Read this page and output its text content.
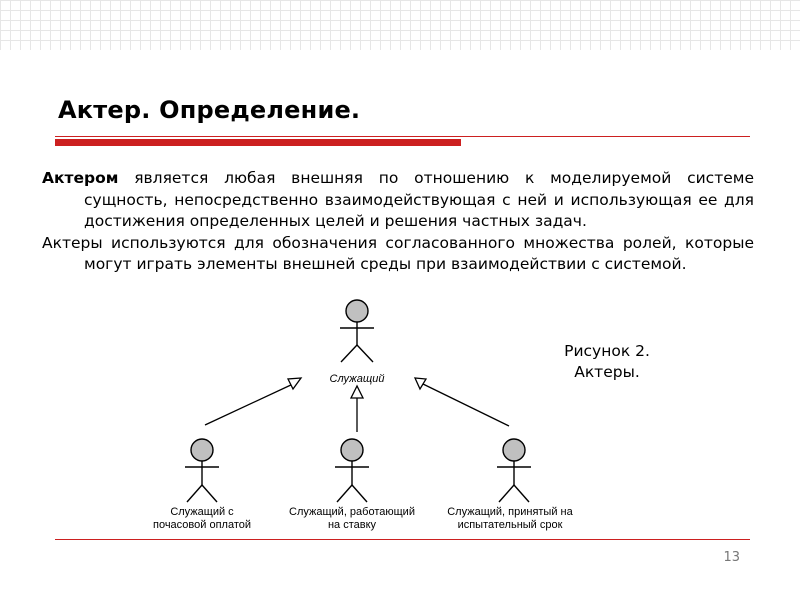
Актер. Определение.

Актером является любая внешняя по отношению к моделируемой системе сущность, непосредственно взаимодействующая с ней и использующая ее для достижения определенных целей и решения частных задач.

Актеры используются для обозначения согласованного множества ролей, которые могут играть элементы внешней среды при взаимодействии с системой.

Служащий
Служащий с
почасовой оплатой
Служащий, работающий
на ставку
Служащий, принятый на
испытательный срок
Рисунок 2.
Актеры.
13
